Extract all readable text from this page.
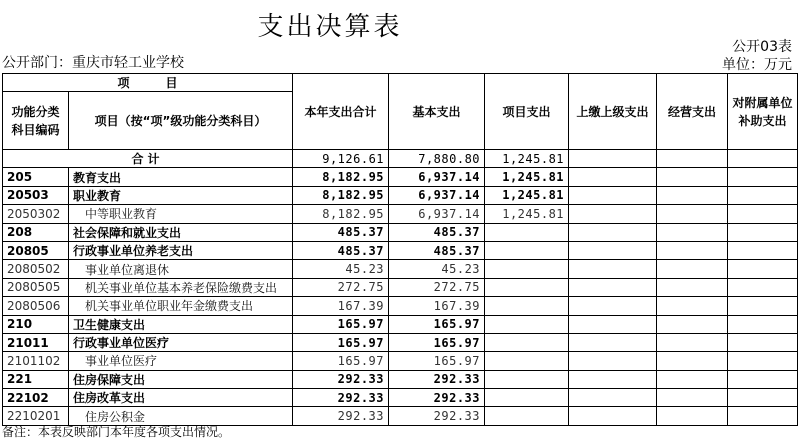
支出决算表
公开03表
公开部门：重庆市轻工业学校	单位：万元
项　　　目		本年支出合计	基本支出	项目支出	上缴上级支出	经营支出	对附属单位
补助支出

功能分类
科目编码	项目（按“项”级功能分类科目）						
合计		9,126.61	7,880.80	1,245.81			
205	教育支出	8,182.95	6,937.14	1,245.81			
20503	职业教育	8,182.95	6,937.14	1,245.81			
2050302	中等职业教育	8,182.95	6,937.14	1,245.81			
208	社会保障和就业支出	485.37	485.37				
20805	行政事业单位养老支出	485.37	485.37				
2080502	事业单位离退休	45.23	45.23				
2080505	机关事业单位基本养老保险缴费支出	272.75	272.75				
2080506	机关事业单位职业年金缴费支出	167.39	167.39				
210	卫生健康支出	165.97	165.97				
21011	行政事业单位医疗	165.97	165.97				
2101102	事业单位医疗	165.97	165.97				
221	住房保障支出	292.33	292.33				
22102	住房改革支出	292.33	292.33				
2210201	住房公积金	292.33	292.33				
备注：本表反映部门本年度各项支出情况。
